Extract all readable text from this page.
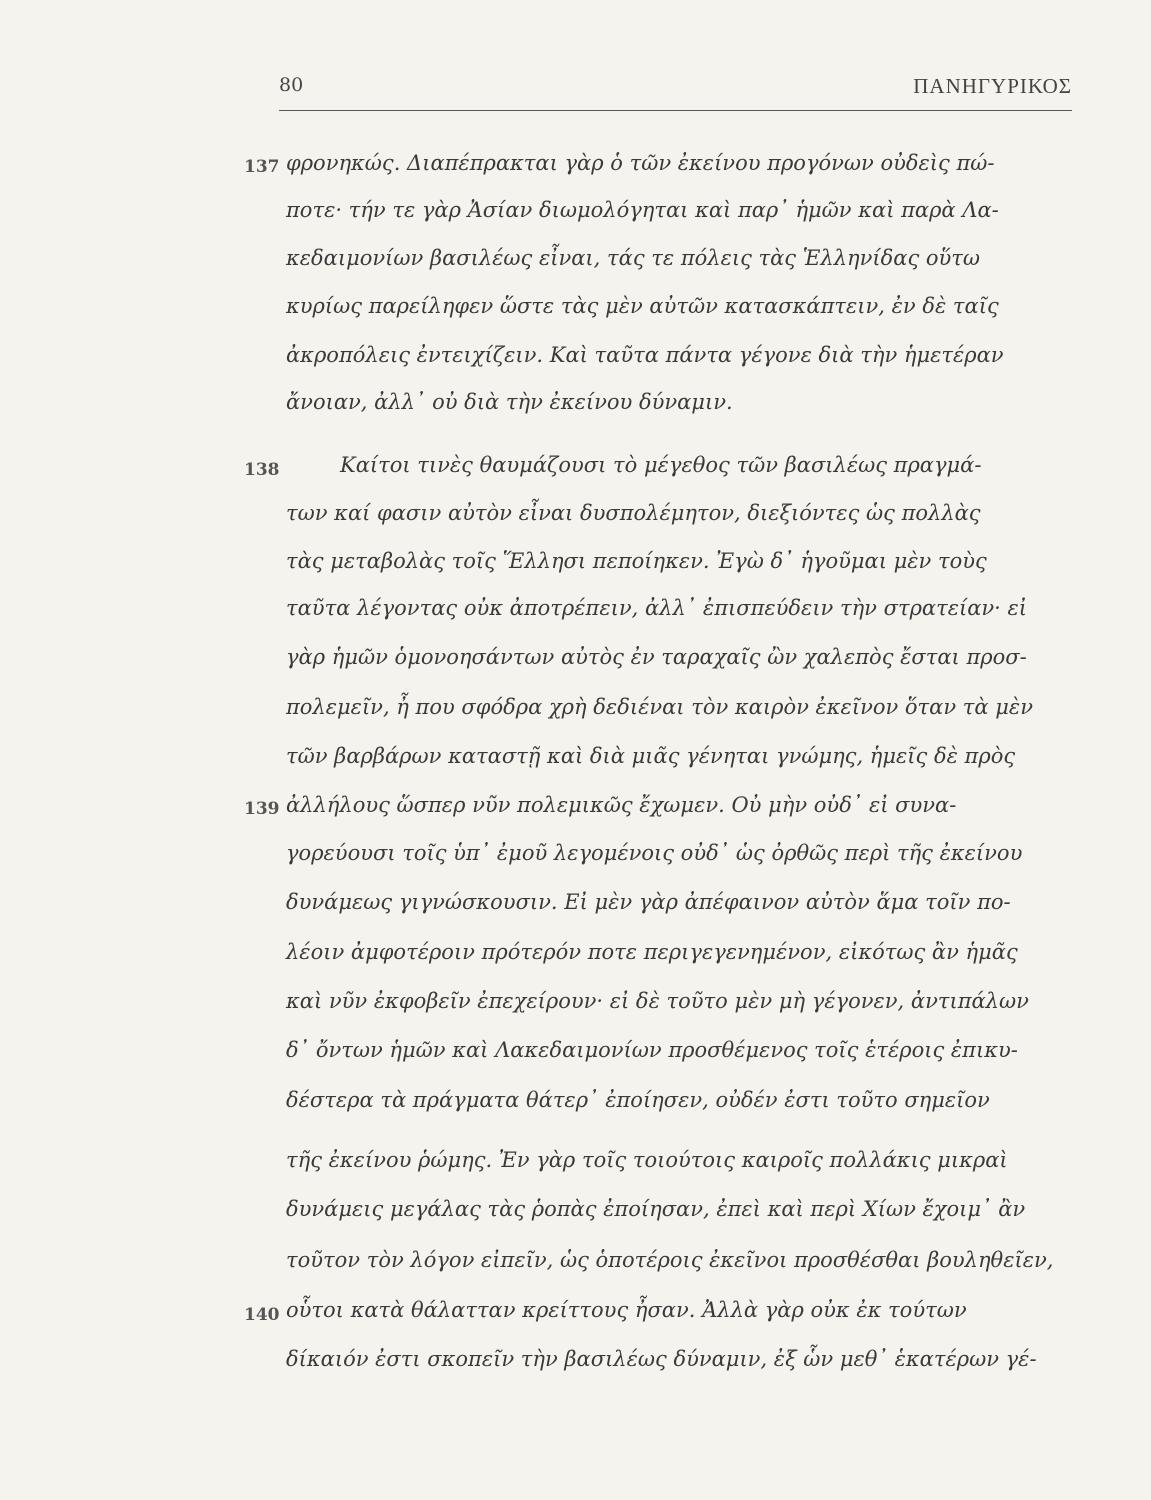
80	ΠΑΝΗΓΥΡΙΚΟΣ
137
138
139
140
φρονηκώς. Διαπέπρακται γὰρ ὁ τῶν ἐκείνου προγόνων οὐδεὶς πώ-
ποτε· τήν τε γὰρ Ἀσίαν διωμολόγηται καὶ παρ᾽ ἡμῶν καὶ παρὰ Λα-
κεδαιμονίων βασιλέως εἶναι, τάς τε πόλεις τὰς Ἑλληνίδας οὕτω
κυρίως παρείληφεν ὥστε τὰς μὲν αὐτῶν κατασκάπτειν, ἐν δὲ ταῖς
ἀκροπόλεις ἐντειχίζειν. Καὶ ταῦτα πάντα γέγονε διὰ τὴν ἡμετέραν
ἄνοιαν, ἀλλ᾽ οὐ διὰ τὴν ἐκείνου δύναμιν.
Καίτοι τινὲς θαυμάζουσι τὸ μέγεθος τῶν βασιλέως πραγμά-
των καί φασιν αὐτὸν εἶναι δυσπολέμητον, διεξιόντες ὡς πολλὰς
τὰς μεταβολὰς τοῖς Ἕλλησι πεποίηκεν. Ἐγὼ δ᾽ ἡγοῦμαι μὲν τοὺς
ταῦτα λέγοντας οὐκ ἀποτρέπειν, ἀλλ᾽ ἐπισπεύδειν τὴν στρατείαν· εἰ
γὰρ ἡμῶν ὁμονοησάντων αὐτὸς ἐν ταραχαῖς ὢν χαλεπὸς ἔσται προσ-
πολεμεῖν, ἦ που σφόδρα χρὴ δεδιέναι τὸν καιρὸν ἐκεῖνον ὅταν τὰ μὲν
τῶν βαρβάρων καταστῇ καὶ διὰ μιᾶς γένηται γνώμης, ἡμεῖς δὲ πρὸς
ἀλλήλους ὥσπερ νῦν πολεμικῶς ἔχωμεν. Οὐ μὴν οὐδ᾽ εἰ συνα-
γορεύουσι τοῖς ὑπ᾽ ἐμοῦ λεγομένοις οὐδ᾽ ὡς ὀρθῶς περὶ τῆς ἐκείνου
δυνάμεως γιγνώσκουσιν. Εἰ μὲν γὰρ ἀπέφαινον αὐτὸν ἅμα τοῖν πο-
λέοιν ἀμφοτέροιν πρότερόν ποτε περιγεγενημένον, εἰκότως ἂν ἡμᾶς
καὶ νῦν ἐκφοβεῖν ἐπεχείρουν· εἰ δὲ τοῦτο μὲν μὴ γέγονεν, ἀντιπάλων
δ᾽ ὄντων ἡμῶν καὶ Λακεδαιμονίων προσθέμενος τοῖς ἑτέροις ἐπικυ-
δέστερα τὰ πράγματα θάτερ᾽ ἐποίησεν, οὐδέν ἐστι τοῦτο σημεῖον
τῆς ἐκείνου ῥώμης. Ἐν γὰρ τοῖς τοιούτοις καιροῖς πολλάκις μικραὶ
δυνάμεις μεγάλας τὰς ῥοπὰς ἐποίησαν, ἐπεὶ καὶ περὶ Χίων ἔχοιμ᾽ ἂν
τοῦτον τὸν λόγον εἰπεῖν, ὡς ὁποτέροις ἐκεῖνοι προσθέσθαι βουληθεῖεν,
οὗτοι κατὰ θάλατταν κρείττους ἦσαν. Ἀλλὰ γὰρ οὐκ ἐκ τούτων
δίκαιόν ἐστι σκοπεῖν τὴν βασιλέως δύναμιν, ἐξ ὧν μεθ᾽ ἑκατέρων γέ-
